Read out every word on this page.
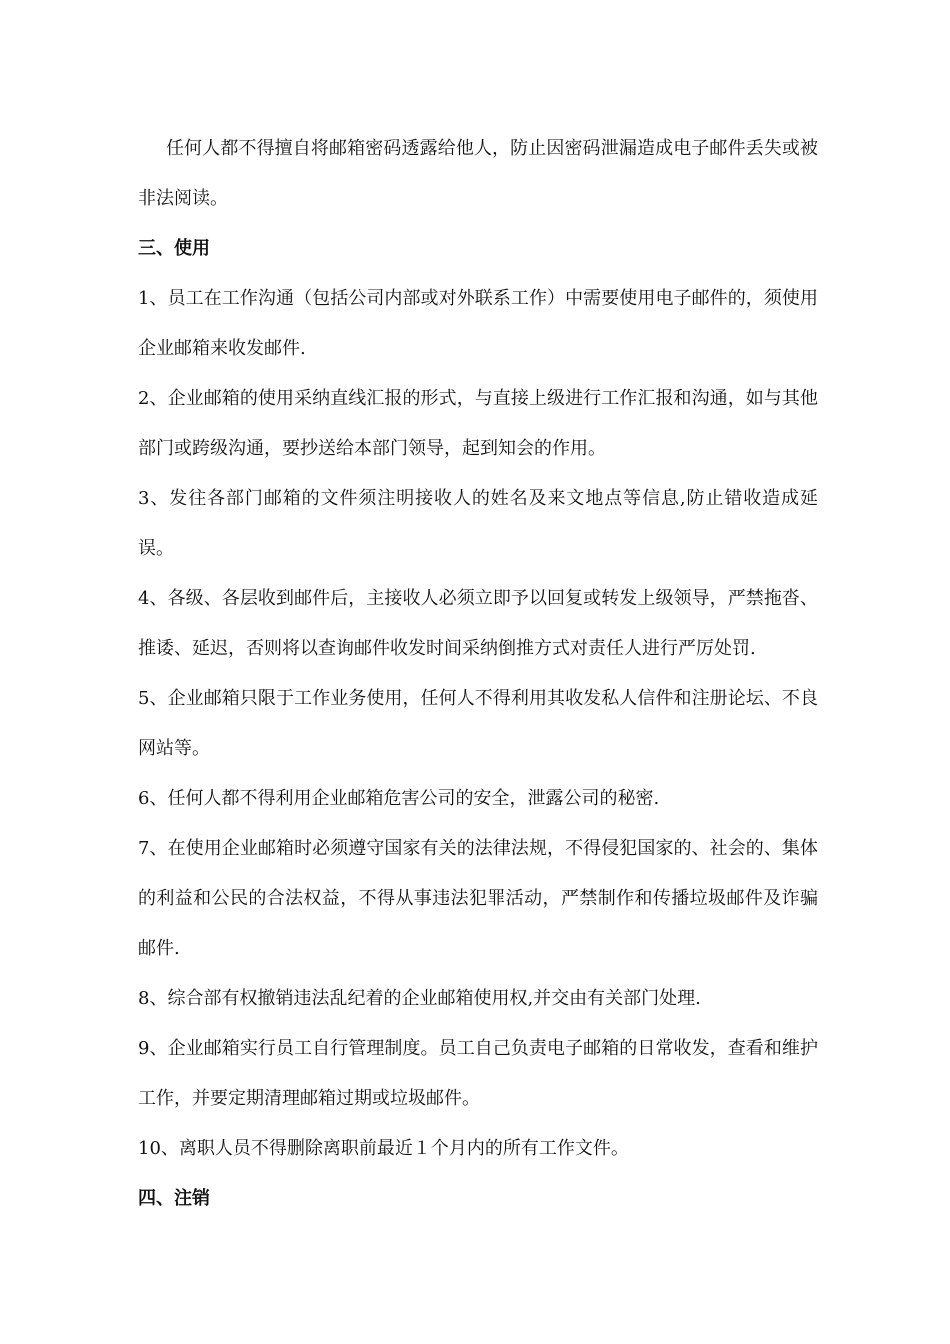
任何人都不得擅自将邮箱密码透露给他人，防止因密码泄漏造成电子邮件丢失或被非法阅读。

三、使用

1、员工在工作沟通（包括公司内部或对外联系工作）中需要使用电子邮件的，须使用企业邮箱来收发邮件.

2、企业邮箱的使用采纳直线汇报的形式，与直接上级进行工作汇报和沟通，如与其他部门或跨级沟通，要抄送给本部门领导，起到知会的作用。

3、发往各部门邮箱的文件须注明接收人的姓名及来文地点等信息,防止错收造成延误。

4、各级、各层收到邮件后，主接收人必须立即予以回复或转发上级领导，严禁拖沓、推诿、延迟，否则将以查询邮件收发时间采纳倒推方式对责任人进行严厉处罚.

5、企业邮箱只限于工作业务使用，任何人不得利用其收发私人信件和注册论坛、不良网站等。

6、任何人都不得利用企业邮箱危害公司的安全，泄露公司的秘密.

7、在使用企业邮箱时必须遵守国家有关的法律法规，不得侵犯国家的、社会的、集体的利益和公民的合法权益，不得从事违法犯罪活动，严禁制作和传播垃圾邮件及诈骗邮件.

8、综合部有权撤销违法乱纪着的企业邮箱使用权,并交由有关部门处理.

9、企业邮箱实行员工自行管理制度。员工自己负责电子邮箱的日常收发，查看和维护工作，并要定期清理邮箱过期或垃圾邮件。

10、离职人员不得删除离职前最近１个月内的所有工作文件。

四、注销
